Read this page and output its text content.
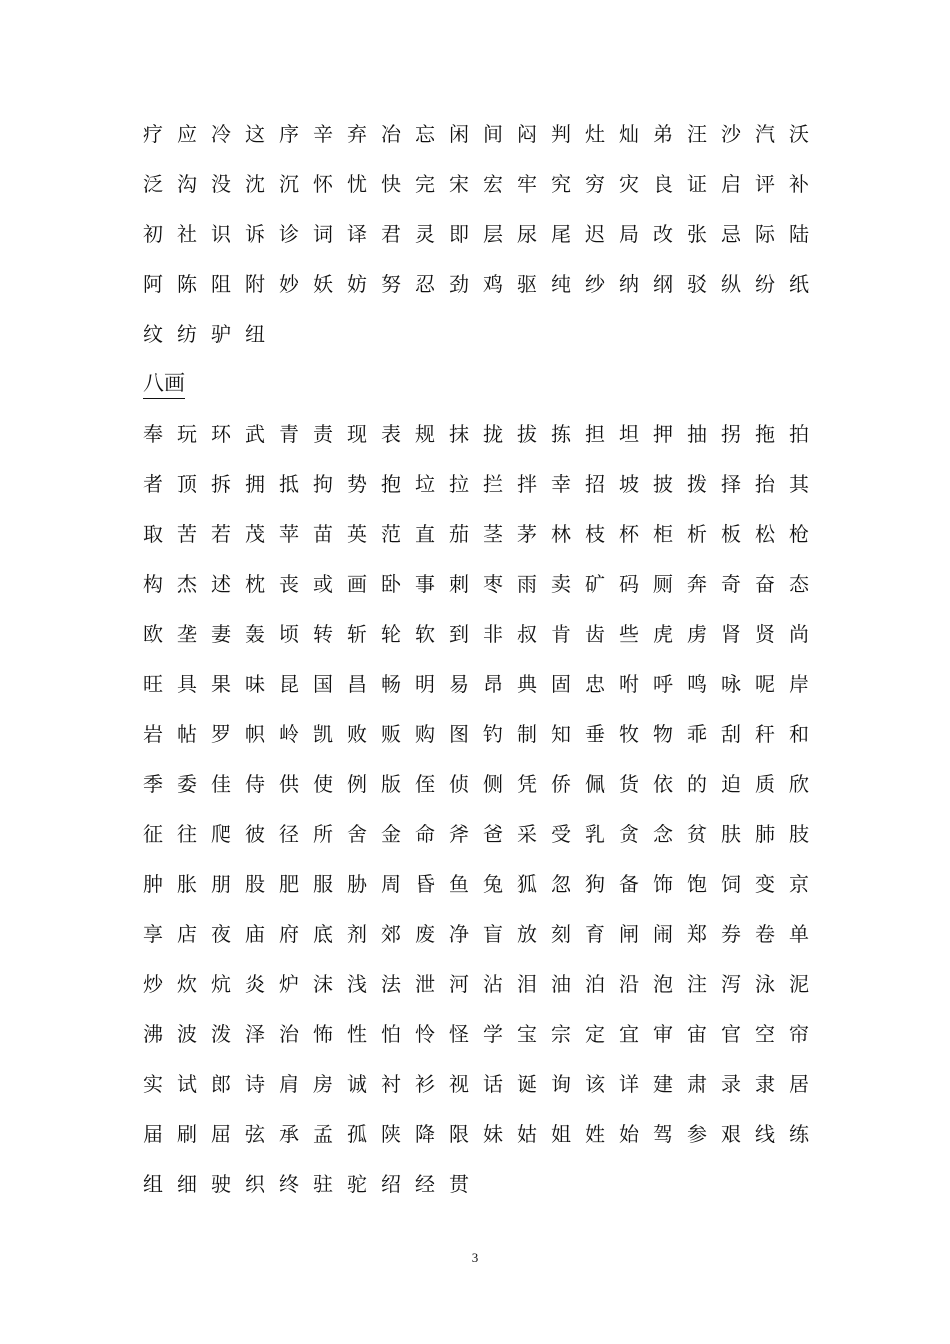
疗 应 冷 这 序 辛 弃 冶 忘 闲 间 闷 判 灶 灿 弟 汪 沙 汽 沃
泛 沟 没 沈 沉 怀 忧 快 完 宋 宏 牢 究 穷 灾 良 证 启 评 补
初 社 识 诉 诊 词 译 君 灵 即 层 尿 尾 迟 局 改 张 忌 际 陆
阿 陈 阻 附 妙 妖 妨 努 忍 劲 鸡 驱 纯 纱 纳 纲 驳 纵 纷 纸
纹 纺 驴 纽
八画
奉 玩 环 武 青 责 现 表 规 抹 拢 拔 拣 担 坦 押 抽 拐 拖 拍
者 顶 拆 拥 抵 拘 势 抱 垃 拉 拦 拌 幸 招 坡 披 拨 择 抬 其
取 苦 若 茂 苹 苗 英 范 直 茄 茎 茅 林 枝 杯 柜 析 板 松 枪
构 杰 述 枕 丧 或 画 卧 事 刺 枣 雨 卖 矿 码 厕 奔 奇 奋 态
欧 垄 妻 轰 顷 转 斩 轮 软 到 非 叔 肯 齿 些 虎 虏 肾 贤 尚
旺 具 果 味 昆 国 昌 畅 明 易 昂 典 固 忠 咐 呼 鸣 咏 呢 岸
岩 帖 罗 帜 岭 凯 败 贩 购 图 钓 制 知 垂 牧 物 乖 刮 秆 和
季 委 佳 侍 供 使 例 版 侄 侦 侧 凭 侨 佩 货 依 的 迫 质 欣
征 往 爬 彼 径 所 舍 金 命 斧 爸 采 受 乳 贪 念 贫 肤 肺 肢
肿 胀 朋 股 肥 服 胁 周 昏 鱼 兔 狐 忽 狗 备 饰 饱 饲 变 京
享 店 夜 庙 府 底 剂 郊 废 净 盲 放 刻 育 闸 闹 郑 券 卷 单
炒 炊 炕 炎 炉 沫 浅 法 泄 河 沾 泪 油 泊 沿 泡 注 泻 泳 泥
沸 波 泼 泽 治 怖 性 怕 怜 怪 学 宝 宗 定 宜 审 宙 官 空 帘
实 试 郎 诗 肩 房 诚 衬 衫 视 话 诞 询 该 详 建 肃 录 隶 居
届 刷 屈 弦 承 孟 孤 陕 降 限 妹 姑 姐 姓 始 驾 参 艰 线 练
组 细 驶 织 终 驻 驼 绍 经 贯
3
